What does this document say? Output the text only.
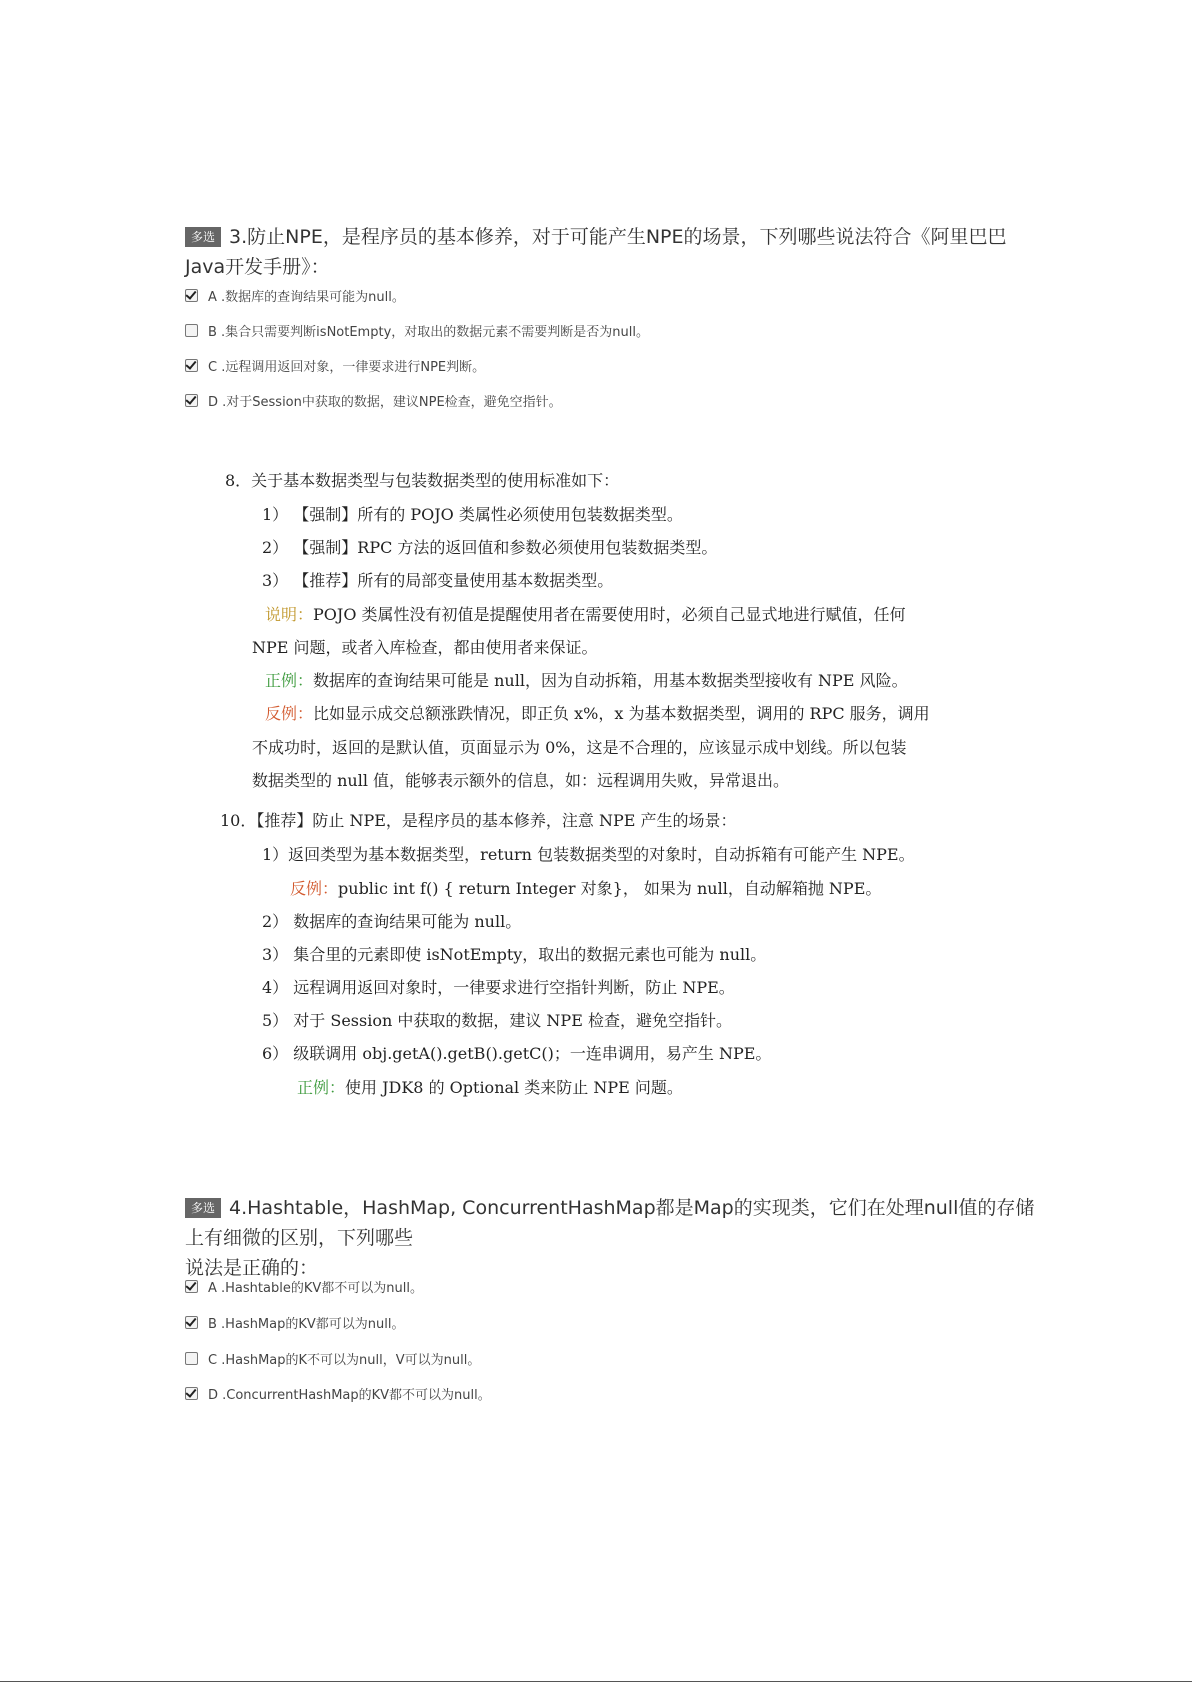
多选 3.防止NPE，是程序员的基本修养，对于可能产生NPE的场景，下列哪些说法符合《阿里巴巴Java开发手册》：
A .数据库的查询结果可能为null。
B .集合只需要判断isNotEmpty，对取出的数据元素不需要判断是否为null。
C .远程调用返回对象，一律要求进行NPE判断。
D .对于Session中获取的数据，建议NPE检查，避免空指针。
8．关于基本数据类型与包装数据类型的使用标准如下：
1） 【强制】所有的 POJO 类属性必须使用包装数据类型。
2） 【强制】RPC 方法的返回值和参数必须使用包装数据类型。
3） 【推荐】所有的局部变量使用基本数据类型。
说明：POJO 类属性没有初值是提醒使用者在需要使用时，必须自己显式地进行赋值，任何
NPE 问题，或者入库检查，都由使用者来保证。
正例：数据库的查询结果可能是 null，因为自动拆箱，用基本数据类型接收有 NPE 风险。
反例：比如显示成交总额涨跌情况，即正负 x%，x 为基本数据类型，调用的 RPC 服务，调用
不成功时，返回的是默认值，页面显示为 0%，这是不合理的，应该显示成中划线。所以包装
数据类型的 null 值，能够表示额外的信息，如：远程调用失败，异常退出。
10．【推荐】防止 NPE，是程序员的基本修养，注意 NPE 产生的场景：
1）返回类型为基本数据类型，return 包装数据类型的对象时，自动拆箱有可能产生 NPE。
反例：public int f() { return Integer 对象}， 如果为 null，自动解箱抛 NPE。
2） 数据库的查询结果可能为 null。
3） 集合里的元素即使 isNotEmpty，取出的数据元素也可能为 null。
4） 远程调用返回对象时，一律要求进行空指针判断，防止 NPE。
5） 对于 Session 中获取的数据，建议 NPE 检查，避免空指针。
6） 级联调用 obj.getA().getB().getC()；一连串调用，易产生 NPE。
正例：使用 JDK8 的 Optional 类来防止 NPE 问题。
多选 4.Hashtable，HashMap, ConcurrentHashMap都是Map的实现类，它们在处理null值的存储上有细微的区别，下列哪些
说法是正确的：
A .Hashtable的KV都不可以为null。
B .HashMap的KV都可以为null。
C .HashMap的K不可以为null，V可以为null。
D .ConcurrentHashMap的KV都不可以为null。
